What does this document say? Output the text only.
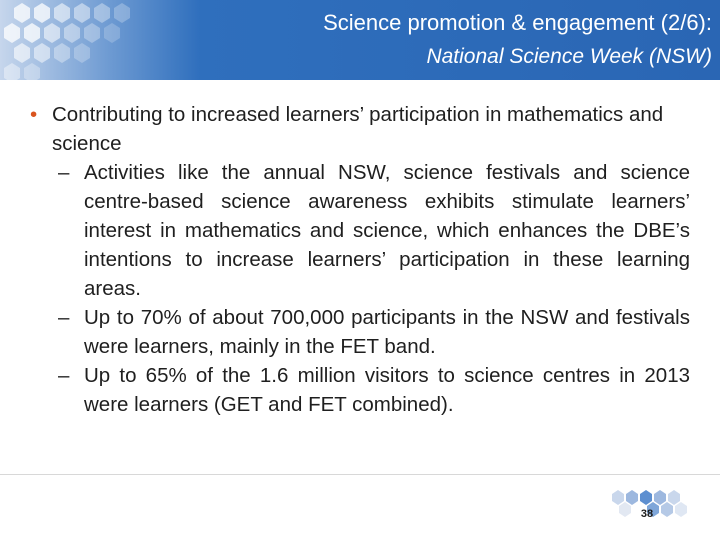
Science promotion & engagement (2/6):
National Science Week (NSW)
• Contributing to increased learners’ participation in mathematics and science
– Activities like the annual NSW, science festivals and science centre-based science awareness exhibits stimulate learners’ interest in mathematics and science, which enhances the DBE’s intentions to increase learners’ participation in these learning areas.
– Up to 70% of about 700,000 participants in the NSW and festivals were learners, mainly in the FET band.
– Up to 65% of the 1.6 million visitors to science centres in 2013 were learners (GET and FET combined).
38
